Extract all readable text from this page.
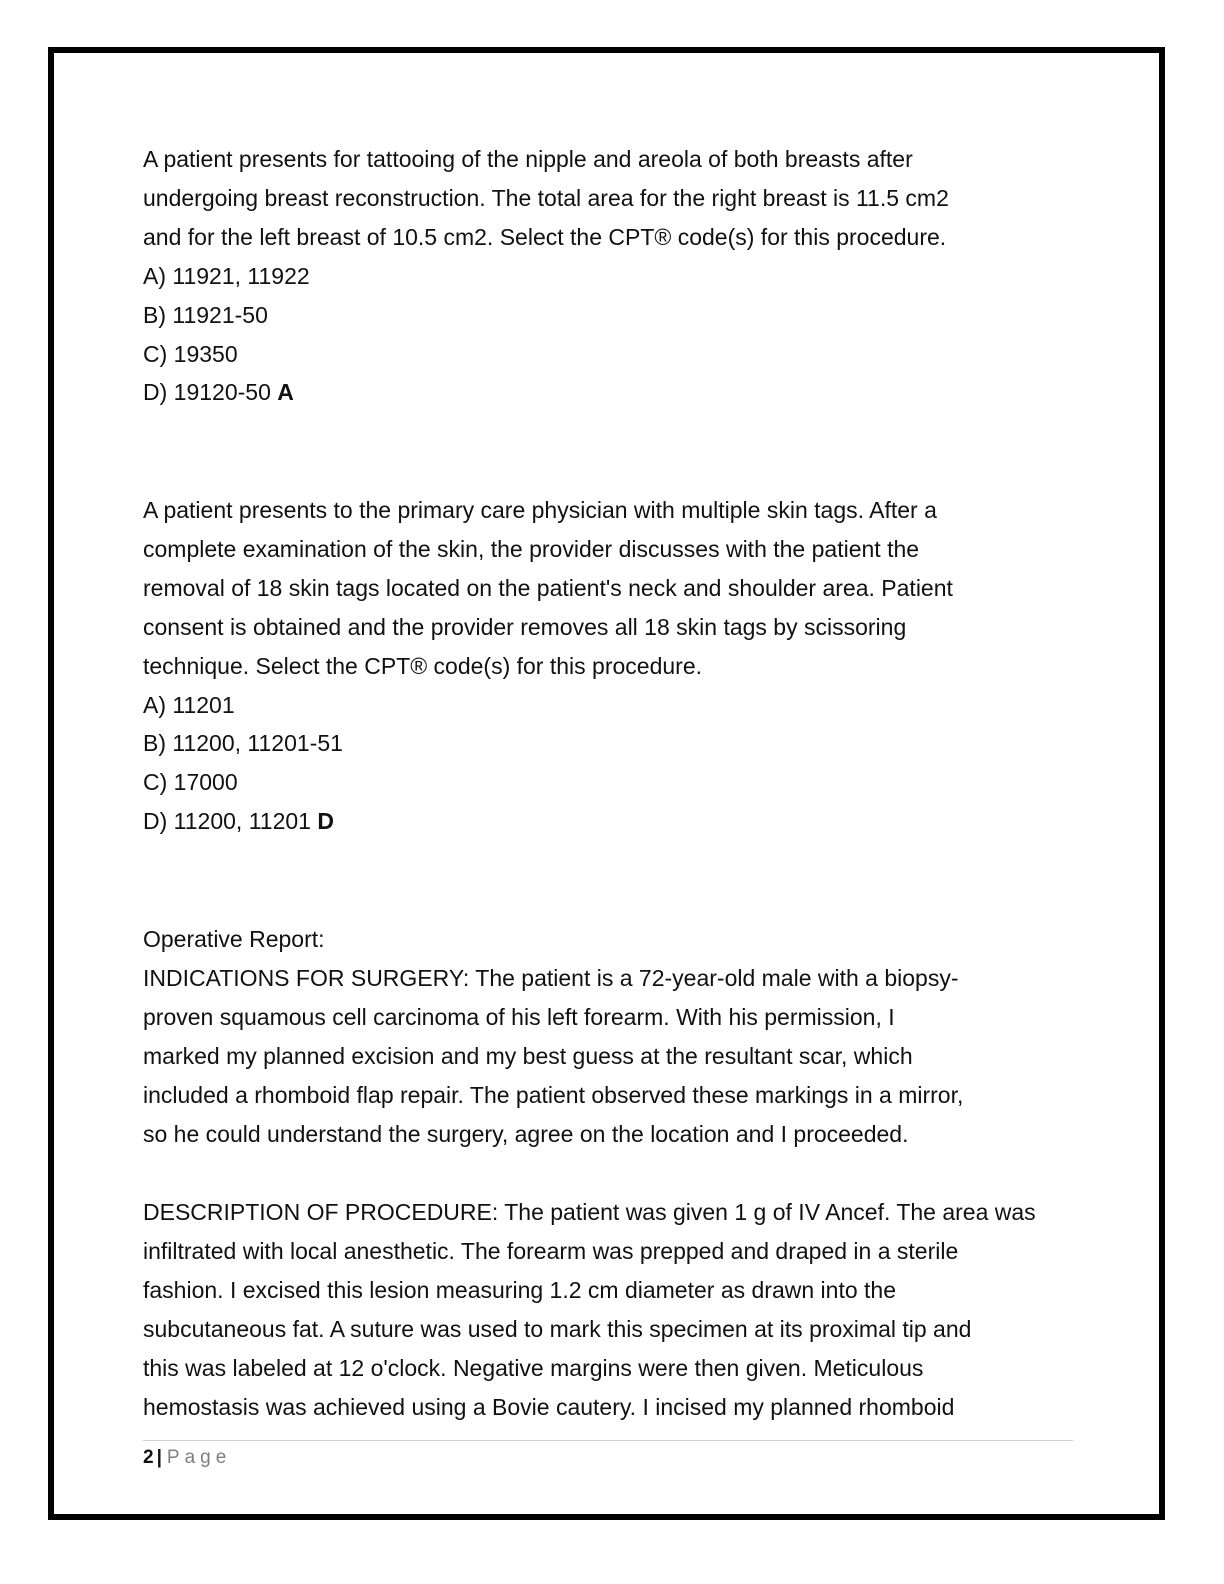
A patient presents for tattooing of the nipple and areola of both breasts after

undergoing breast reconstruction. The total area for the right breast is 11.5 cm2

and for the left breast of 10.5 cm2. Select the CPT® code(s) for this procedure.

A) 11921, 11922

B) 11921-50

C) 19350

D) 19120-50 A

A patient presents to the primary care physician with multiple skin tags. After a

complete examination of the skin, the provider discusses with the patient the

removal of 18 skin tags located on the patient's neck and shoulder area. Patient

consent is obtained and the provider removes all 18 skin tags by scissoring

technique. Select the CPT® code(s) for this procedure.

A) 11201

B) 11200, 11201-51

C) 17000

D) 11200, 11201 D

Operative Report:

INDICATIONS FOR SURGERY: The patient is a 72-year-old male with a biopsy-

proven squamous cell carcinoma of his left forearm. With his permission, I

marked my planned excision and my best guess at the resultant scar, which

included a rhomboid flap repair. The patient observed these markings in a mirror,

so he could understand the surgery, agree on the location and I proceeded.

DESCRIPTION OF PROCEDURE: The patient was given 1 g of IV Ancef. The area was

infiltrated with local anesthetic. The forearm was prepped and draped in a sterile

fashion. I excised this lesion measuring 1.2 cm diameter as drawn into the

subcutaneous fat. A suture was used to mark this specimen at its proximal tip and

this was labeled at 12 o'clock. Negative margins were then given. Meticulous

hemostasis was achieved using a Bovie cautery. I incised my planned rhomboid

2 | Page
